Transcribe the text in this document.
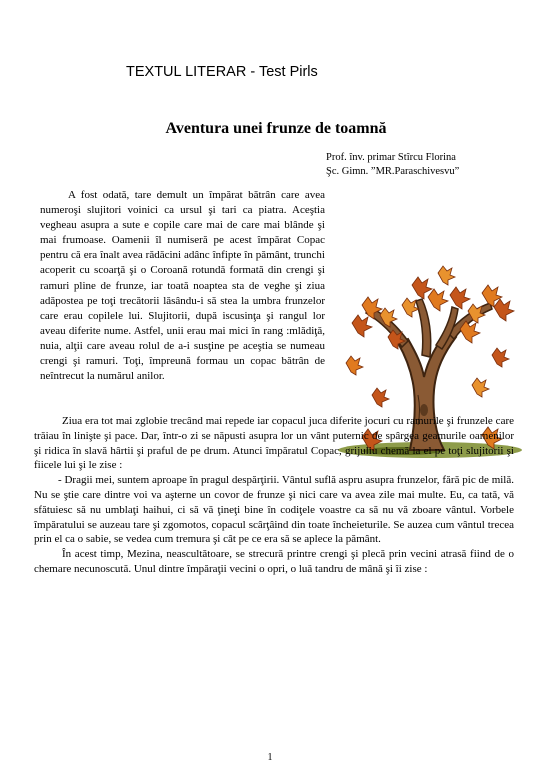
TEXTUL LITERAR - Test Pirls
Aventura unei frunze de toamnă
Prof. înv. primar Stîrcu Florina
Şc. Gimn. ”MR.Paraschivesvu”

A fost odată, tare demult un împărat bătrân care avea numeroşi slujitori voinici ca ursul şi tari ca piatra. Aceştia vegheau asupra a sute e copile care mai de care mai blânde şi mai frumoase. Oamenii îl numiseră pe acest împărat Copac pentru că era înalt avea rădăcini adânc înfipte în pământ, trunchi acoperit cu scoarţă şi o Coroană rotundă formată din crengi şi ramuri pline de frunze, iar toată noaptea sta de veghe şi ziua adăpostea pe toţi trecătorii lăsându-i să stea la umbra frunzelor care erau copilele lui. Slujitorii, după iscusinţa şi rangul lor aveau diferite nume. Astfel, unii erau mai mici în rang :mlădiţă, nuia, alţii care aveau rolul de a-i susţine pe aceştia se numeau crengi şi ramuri. Toţi, împreună formau un copac bătrân de neîntrecut la numărul anilor.

Ziua era tot mai zglobie trecând mai repede iar copacul juca diferite jocuri cu ramurile şi frunzele care trăiau în linişte şi pace. Dar, într-o zi se năpusti asupra lor un vânt puternic de spârgea geamurile oamenilor şi ridica în slavă hârtii şi praful de pe drum. Atunci împăratul Copac, grijuliu chemă la el pe toţi slujitorii şi fiicele lui şi le zise :

- Dragii mei, suntem aproape în pragul despărţirii. Vântul suflă aspru asupra frunzelor, fără pic de milă. Nu se ştie care dintre voi va aşterne un covor de frunze şi nici care va avea zile mai multe. Eu, ca tată, vă sfătuiesc să nu umblaţi haihui, ci să vă ţineţi bine în codiţele voastre ca să nu vă zboare vântul. Vorbele împăratului se auzeau tare şi zgomotos, copacul scârţâind din toate încheieturile. Se auzea cum vântul trecea prin el ca o sabie, se vedea cum tremura şi cât pe ce era să se aplece la pământ.

În acest timp, Mezina, neascultătoare, se strecură printre crengi şi plecă prin vecini atrasă fiind de o chemare necunoscută. Unul dintre împăraţii vecini o opri, o luă tandru de mână şi îi zise :

1
